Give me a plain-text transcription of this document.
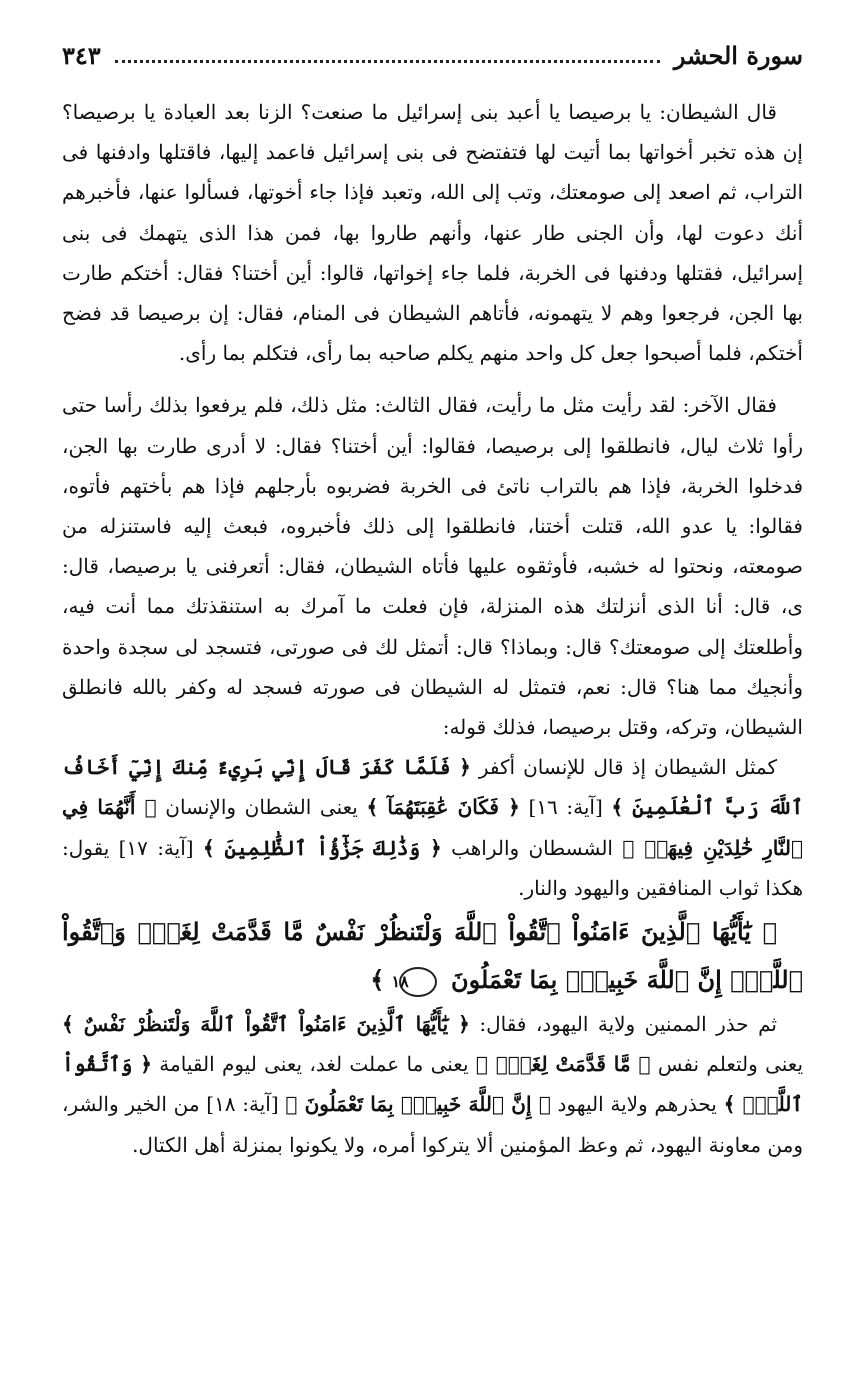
سورة الحشر
٣٤٣

قال الشيطان: يا برصيصا يا أعبد بنى إسرائيل ما صنعت؟ الزنا بعد العبادة يا برصيصا؟ إن هذه تخبر أخواتها بما أتيت لها فتفتضح فى بنى إسرائيل فاعمد إليها، فاقتلها وادفنها فى التراب، ثم اصعد إلى صومعتك، وتب إلى الله، وتعبد فإذا جاء أخوتها، فسألوا عنها، فأخبرهم أنك دعوت لها، وأن الجنى طار عنها، وأنهم طاروا بها، فمن هذا الذى يتهمك فى بنى إسرائيل، فقتلها ودفنها فى الخربة، فلما جاء إخواتها، قالوا: أين أختنا؟ فقال: أختكم طارت بها الجن، فرجعوا وهم لا يتهمونه، فأتاهم الشيطان فى المنام، فقال: إن برصيصا قد فضح أختكم، فلما أصبحوا جعل كل واحد منهم يكلم صاحبه بما رأى، فتكلم بما رأى.

فقال الآخر: لقد رأيت مثل ما رأيت، فقال الثالث: مثل ذلك، فلم يرفعوا بذلك رأسا حتى رأوا ثلاث ليال، فانطلقوا إلى برصيصا، فقالوا: أين أختنا؟ فقال: لا أدرى طارت بها الجن، فدخلوا الخربة، فإذا هم بالتراب ناتئ فى الخربة فضربوه بأرجلهم فإذا هم بأختهم فأتوه، فقالوا: يا عدو الله، قتلت أختنا، فانطلقوا إلى ذلك فأخبروه، فبعث إليه فاستنزله من صومعته، ونحتوا له خشبه، فأوثقوه عليها فأتاه الشيطان، فقال: أتعرفنى يا برصيصا، قال: ى، قال: أنا الذى أنزلتك هذه المنزلة، فإن فعلت ما آمرك به استنقذتك مما أنت فيه، وأطلعتك إلى صومعتك؟ قال: وبماذا؟ قال: أتمثل لك فى صورتى، فتسجد لى سجدة واحدة وأنجيك مما هنا؟ قال: نعم، فتمثل له الشيطان فى صورته فسجد له وكفر بالله فانطلق الشيطان، وتركه، وقتل برصيصا، فذلك قوله:

كمثل الشيطان إذ قال للإنسان أكفر ﴿ فَلَمَّا كَفَرَ قَالَ إِنِّي بَرِيءٌ مِّنكَ إِنِّيٓ أَخَافُ ٱللَّهَ رَبَّ ٱلْعَٰلَمِينَ ﴾ [آية: ١٦] ﴿ فَكَانَ عَٰقِبَتَهُمَآ ﴾ يعنى الشطان والإنسان ﴿ أَنَّهُمَا فِي ٱلنَّارِ خَٰلِدَيْنِ فِيهَاۚ ﴾ الشسطان والراهب ﴿ وَذَٰلِكَ جَزَٰٓؤُاْ ٱلظَّٰلِمِينَ ﴾ [آية: ١٧] يقول: هكذا ثواب المنافقين واليهود والنار.

﴿ يَٰٓأَيُّهَا ٱلَّذِينَ ءَامَنُواْ ٱتَّقُواْ ٱللَّهَ وَلْتَنظُرْ نَفْسٌ مَّا قَدَّمَتْ لِغَدٍۖ وَٱتَّقُواْ ٱللَّهَۚ إِنَّ ٱللَّهَ خَبِيرٌۢ بِمَا تَعْمَلُونَ ١٨ ﴾

ثم حذر الممنين ولاية اليهود، فقال: ﴿ يَٰٓأَيُّهَا ٱلَّذِينَ ءَامَنُواْ ٱتَّقُواْ ٱللَّهَ وَلْتَنظُرْ نَفْسٌ ﴾ يعنى ولتعلم نفس ﴿ مَّا قَدَّمَتْ لِغَدٍۖ ﴾ يعنى ما عملت لغد، يعنى ليوم القيامة ﴿ وَٱتَّقُواْ ٱللَّهَۚ ﴾ يحذرهم ولاية اليهود ﴿ إِنَّ ٱللَّهَ خَبِيرٌۢ بِمَا تَعْمَلُونَ ﴾ [آية: ١٨] من الخير والشر، ومن معاونة اليهود، ثم وعظ المؤمنين ألا يتركوا أمره، ولا يكونوا بمنزلة أهل الكتال.
